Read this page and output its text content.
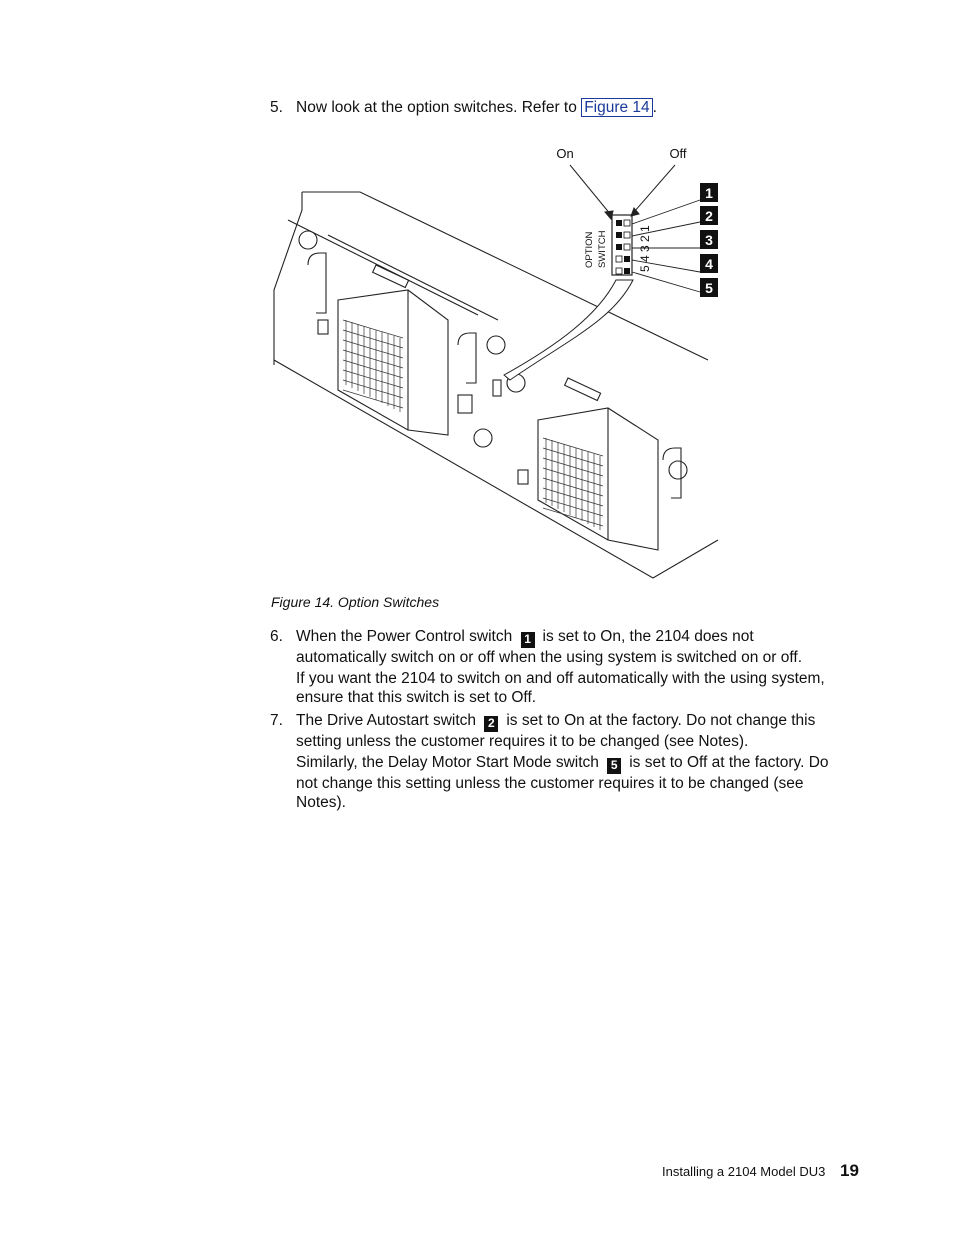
5. Now look at the option switches. Refer to Figure 14 .
On	Off
OPTION SWITCH	5 4 3 2 1
1
2
3
4
5
Figure 14. Option Switches
6. When the Power Control switch 1 is set to On, the 2104 does not
automatically switch on or off when the using system is switched on or off.
If you want the 2104 to switch on and off automatically with the using system,
ensure that this switch is set to Off.
7. The Drive Autostart switch 2 is set to On at the factory. Do not change this
setting unless the customer requires it to be changed (see Notes).
Similarly, the Delay Motor Start Mode switch 5 is set to Off at the factory. Do
not change this setting unless the customer requires it to be changed (see
Notes).
Installing a 2104 Model DU3 19
